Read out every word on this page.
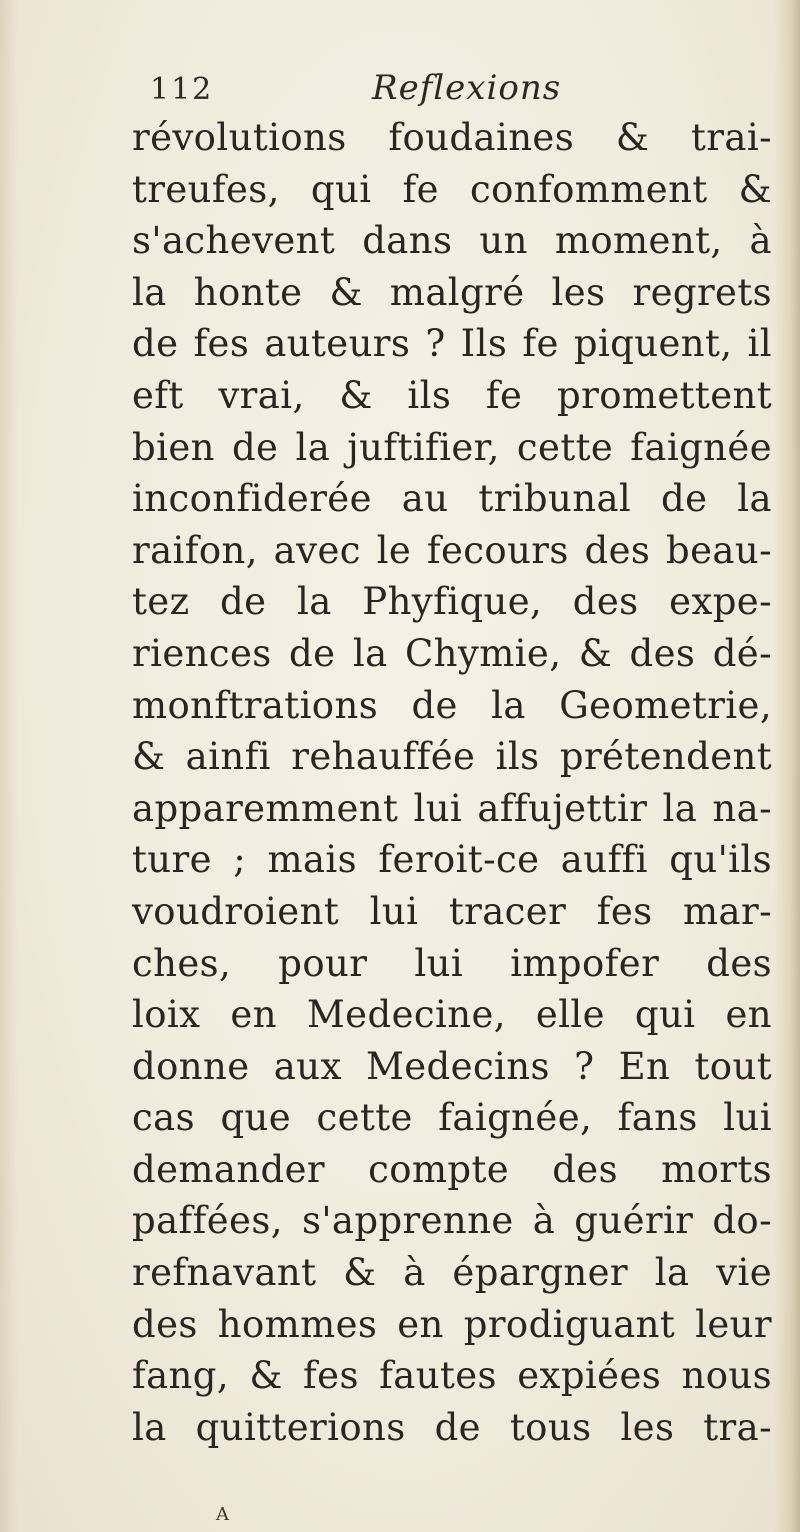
112	Reflexions
révolutions foudaines & trai-
treufes, qui fe confomment &
s'achevent dans un moment, à
la honte & malgré les regrets
de fes auteurs ? Ils fe piquent, il
eft vrai, & ils fe promettent
bien de la juftifier, cette faignée
inconfiderée au tribunal de la
raifon, avec le fecours des beau-
tez de la Phyfique, des expe-
riences de la Chymie, & des dé-
monftrations de la Geometrie,
& ainfi rehauffée ils prétendent
apparemment lui affujettir la na-
ture ; mais feroit-ce auffi qu'ils
voudroient lui tracer fes mar-
ches, pour lui impofer des
loix en Medecine, elle qui en
donne aux Medecins ? En tout
cas que cette faignée, fans lui
demander compte des morts
paffées, s'apprenne à guérir do-
refnavant & à épargner la vie
des hommes en prodiguant leur
fang, & fes fautes expiées nous
la quitterions de tous les tra-
A
